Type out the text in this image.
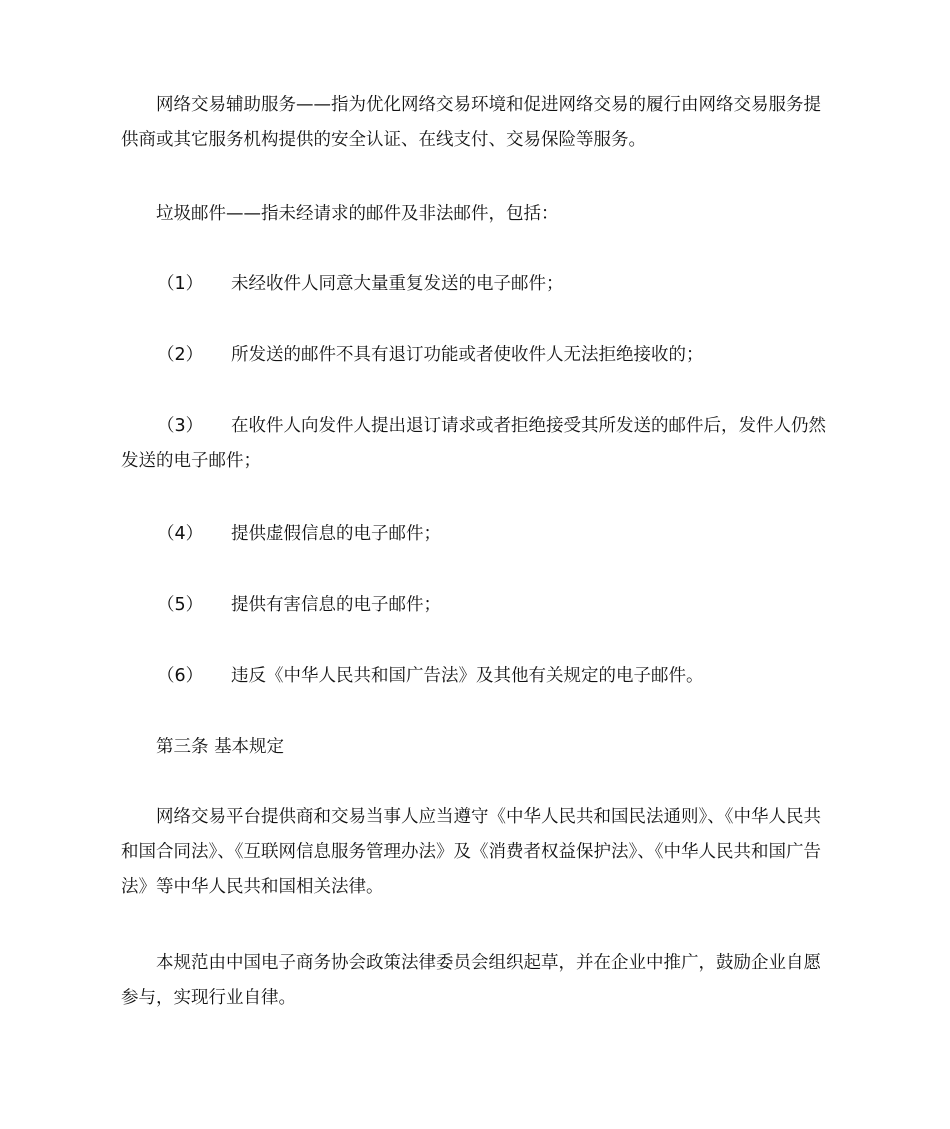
网络交易辅助服务——指为优化网络交易环境和促进网络交易的履行由网络交易服务提供商或其它服务机构提供的安全认证、在线支付、交易保险等服务。

垃圾邮件——指未经请求的邮件及非法邮件，包括：

（1） 未经收件人同意大量重复发送的电子邮件；

（2） 所发送的邮件不具有退订功能或者使收件人无法拒绝接收的；

（3） 在收件人向发件人提出退订请求或者拒绝接受其所发送的邮件后，发件人仍然发送的电子邮件；

（4） 提供虚假信息的电子邮件；

（5） 提供有害信息的电子邮件；

（6） 违反《中华人民共和国广告法》及其他有关规定的电子邮件。

第三条 基本规定

网络交易平台提供商和交易当事人应当遵守《中华人民共和国民法通则》、《中华人民共和国合同法》、《互联网信息服务管理办法》及《消费者权益保护法》、《中华人民共和国广告法》等中华人民共和国相关法律。

本规范由中国电子商务协会政策法律委员会组织起草，并在企业中推广，鼓励企业自愿参与，实现行业自律。
